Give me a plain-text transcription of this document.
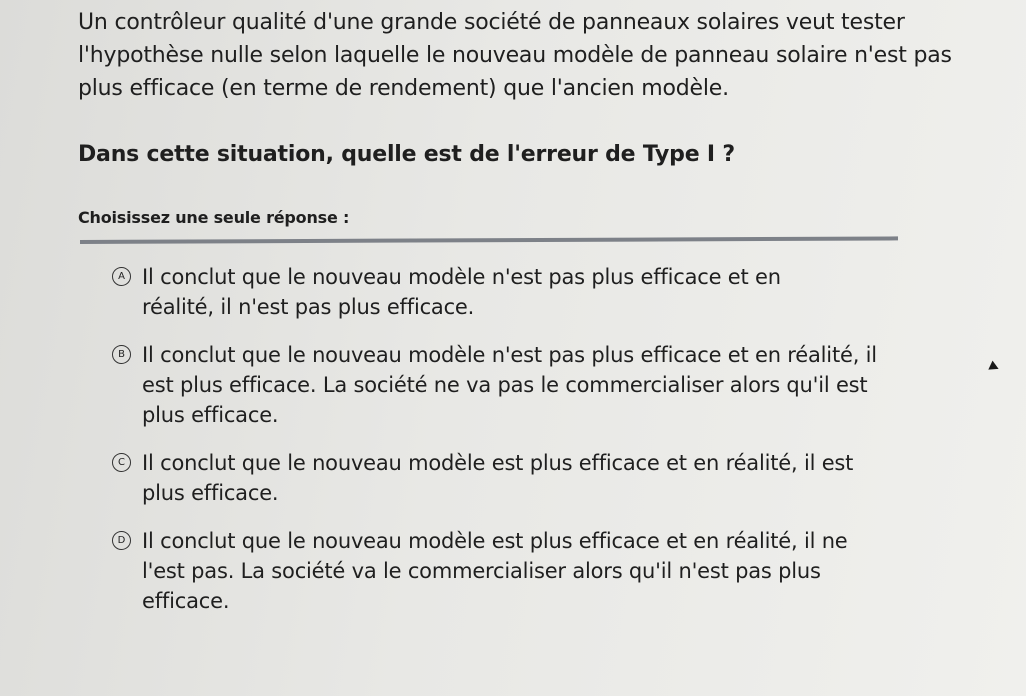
Un contrôleur qualité d'une grande société de panneaux solaires veut tester l'hypothèse nulle selon laquelle le nouveau modèle de panneau solaire n'est pas plus efficace (en terme de rendement) que l'ancien modèle.
Dans cette situation, quelle est de l'erreur de Type I ?
Choisissez une seule réponse :
A Il conclut que le nouveau modèle n'est pas plus efficace et en réalité, il n'est pas plus efficace.
B Il conclut que le nouveau modèle n'est pas plus efficace et en réalité, il est plus efficace. La société ne va pas le commercialiser alors qu'il est plus efficace.
C Il conclut que le nouveau modèle est plus efficace et en réalité, il est plus efficace.
D Il conclut que le nouveau modèle est plus efficace et en réalité, il ne l'est pas. La société va le commercialiser alors qu'il n'est pas plus efficace.
